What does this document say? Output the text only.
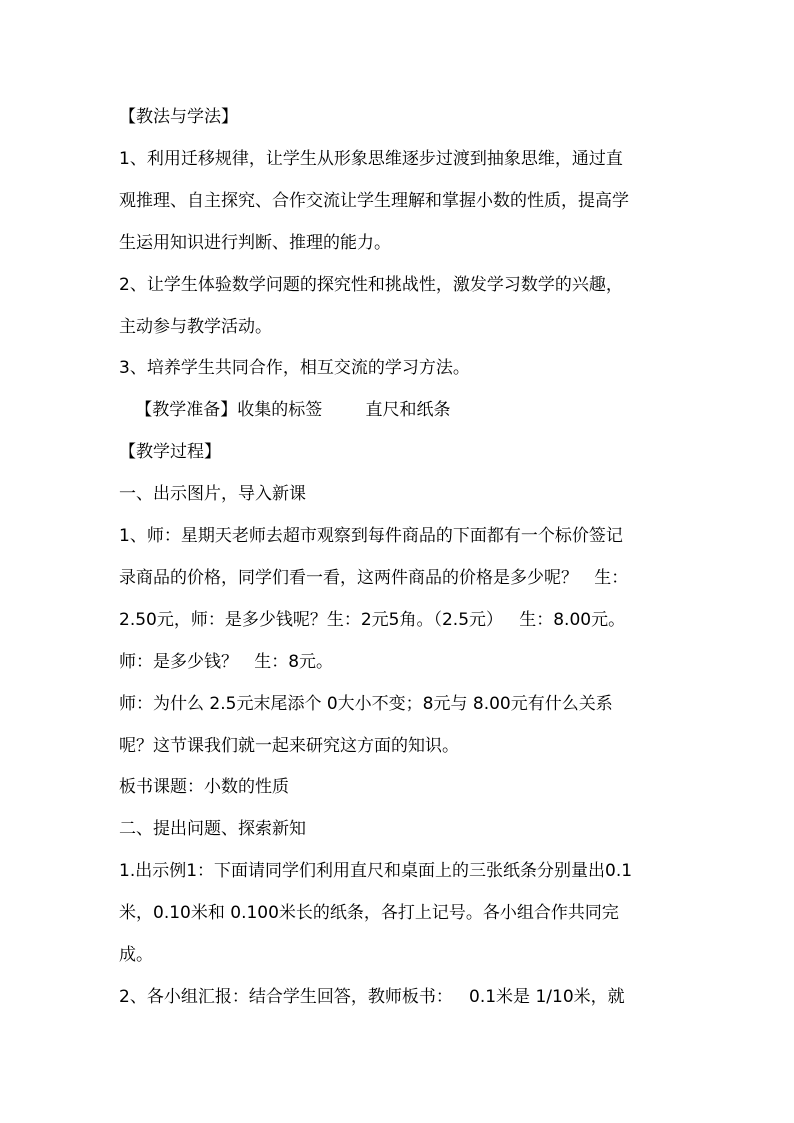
【教法与学法】
1、利用迁移规律，让学生从形象思维逐步过渡到抽象思维，通过直
观推理、自主探究、合作交流让学生理解和掌握小数的性质，提高学
生运用知识进行判断、推理的能力。
2、让学生体验数学问题的探究性和挑战性，激发学习数学的兴趣，
主动参与教学活动。
3、培养学生共同合作，相互交流的学习方法。
【教学准备】收集的标签        直尺和纸条
【教学过程】
一、出示图片，导入新课
1、师：星期天老师去超市观察到每件商品的下面都有一个标价签记
录商品的价格，同学们看一看，这两件商品的价格是多少呢？   生：
2.50元，师：是多少钱呢？生：2元5角。（2.5元）   生：8.00元。
师：是多少钱？   生：8元。
师：为什么 2.5元末尾添个 0大小不变；8元与 8.00元有什么关系
呢？这节课我们就一起来研究这方面的知识。
板书课题：小数的性质
二、提出问题、探索新知
1.出示例1：下面请同学们利用直尺和桌面上的三张纸条分别量出0.1
米，0.10米和 0.100米长的纸条，各打上记号。各小组合作共同完
成。
2、各小组汇报：结合学生回答，教师板书：   0.1米是 1/10米，就
